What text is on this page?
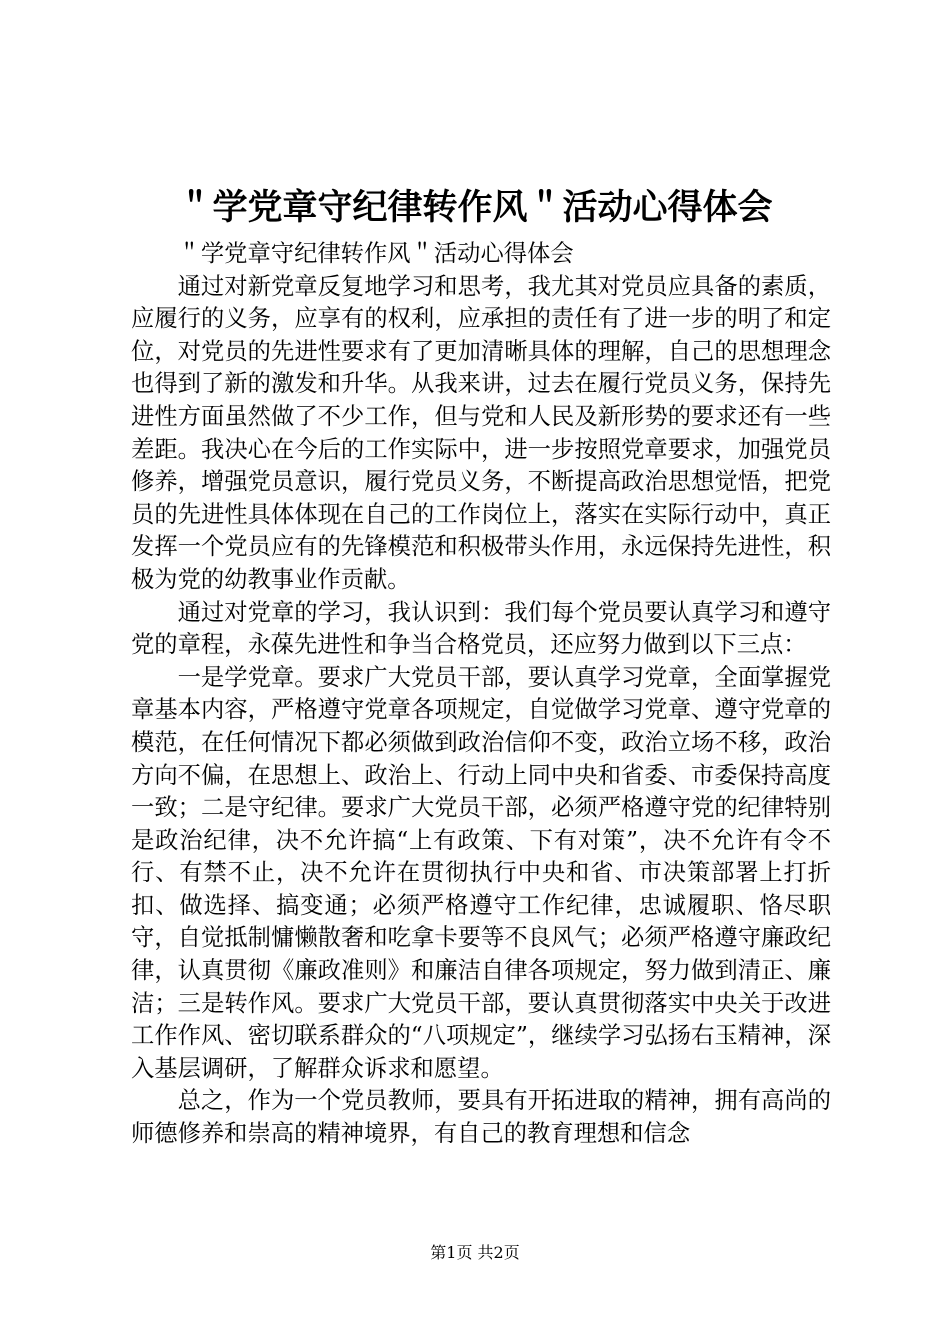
＂学党章守纪律转作风＂活动心得体会

＂学党章守纪律转作风＂活动心得体会

通过对新党章反复地学习和思考，我尤其对党员应具备的素质，应履行的义务，应享有的权利，应承担的责任有了进一步的明了和定位，对党员的先进性要求有了更加清晰具体的理解，自己的思想理念也得到了新的激发和升华。从我来讲，过去在履行党员义务，保持先进性方面虽然做了不少工作，但与党和人民及新形势的要求还有一些差距。我决心在今后的工作实际中，进一步按照党章要求，加强党员修养，增强党员意识，履行党员义务，不断提高政治思想觉悟，把党员的先进性具体体现在自己的工作岗位上，落实在实际行动中，真正发挥一个党员应有的先锋模范和积极带头作用，永远保持先进性，积极为党的幼教事业作贡献。

通过对党章的学习，我认识到：我们每个党员要认真学习和遵守党的章程，永葆先进性和争当合格党员，还应努力做到以下三点：

一是学党章。要求广大党员干部，要认真学习党章，全面掌握党章基本内容，严格遵守党章各项规定，自觉做学习党章、遵守党章的模范，在任何情况下都必须做到政治信仰不变，政治立场不移，政治方向不偏，在思想上、政治上、行动上同中央和省委、市委保持高度一致；二是守纪律。要求广大党员干部，必须严格遵守党的纪律特别是政治纪律，决不允许搞“上有政策、下有对策”，决不允许有令不行、有禁不止，决不允许在贯彻执行中央和省、市决策部署上打折扣、做选择、搞变通；必须严格遵守工作纪律，忠诚履职、恪尽职守，自觉抵制慵懒散奢和吃拿卡要等不良风气；必须严格遵守廉政纪律，认真贯彻《廉政准则》和廉洁自律各项规定，努力做到清正、廉洁；三是转作风。要求广大党员干部，要认真贯彻落实中央关于改进工作作风、密切联系群众的“八项规定”，继续学习弘扬右玉精神，深入基层调研，了解群众诉求和愿望。

总之，作为一个党员教师，要具有开拓进取的精神，拥有高尚的师德修养和崇高的精神境界，有自己的教育理想和信念

第1页 共2页
